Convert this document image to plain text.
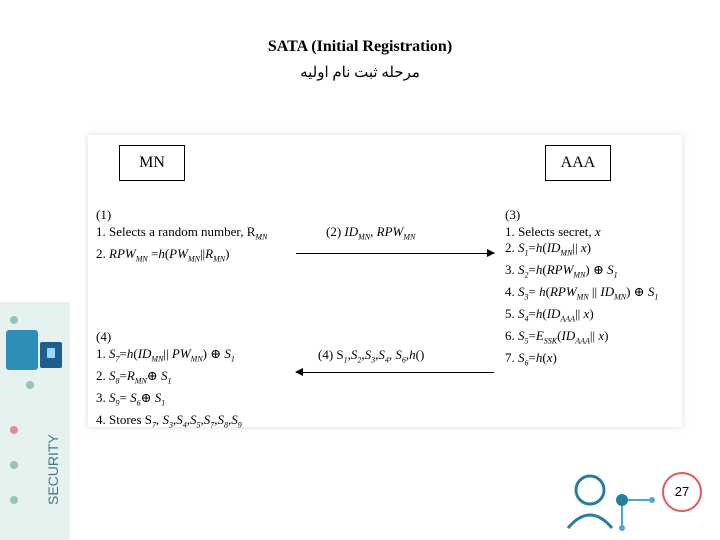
SATA (Initial Registration)
مرحله ثبت نام اولیه
SECURITY
MN	AAA
(1)
1. Selects a random number, $R_{MN}$
2. $RPW_{MN} =h(PW_{MN}||R_{MN})$
(2) $ID_{MN}$, $RPW_{MN}$
(3)
1. Selects secret, x
2. $S_1=h(ID_{MN}||$ x)
3. $S_2=h(RPW_{MN})$ ⊕ $S_1$
4. $S_3= h(RPW_{MN}$ || $ID_{MN}$) ⊕ $S_1$
5. $S_4=h(ID_{AAA}||$ x)
6. $S_5=E_{SSK}(ID_{AAA}||$ x)
7. $S_6=h(x)$
(4)
1. $S_7=h(ID_{MN}||$ $PW_{MN}$) ⊕ $S_1$
2. $S_8=R_{MN}\oplus$ $S_1$
3. $S_9=$ $S_6\oplus$ $S_1$
4. Stores $S_7$, $S_3,S_4,S_5,S_7,S_8,S_9$
(4) $S_1,S_2,S_3,S_4$, $S_6,h()$
27
